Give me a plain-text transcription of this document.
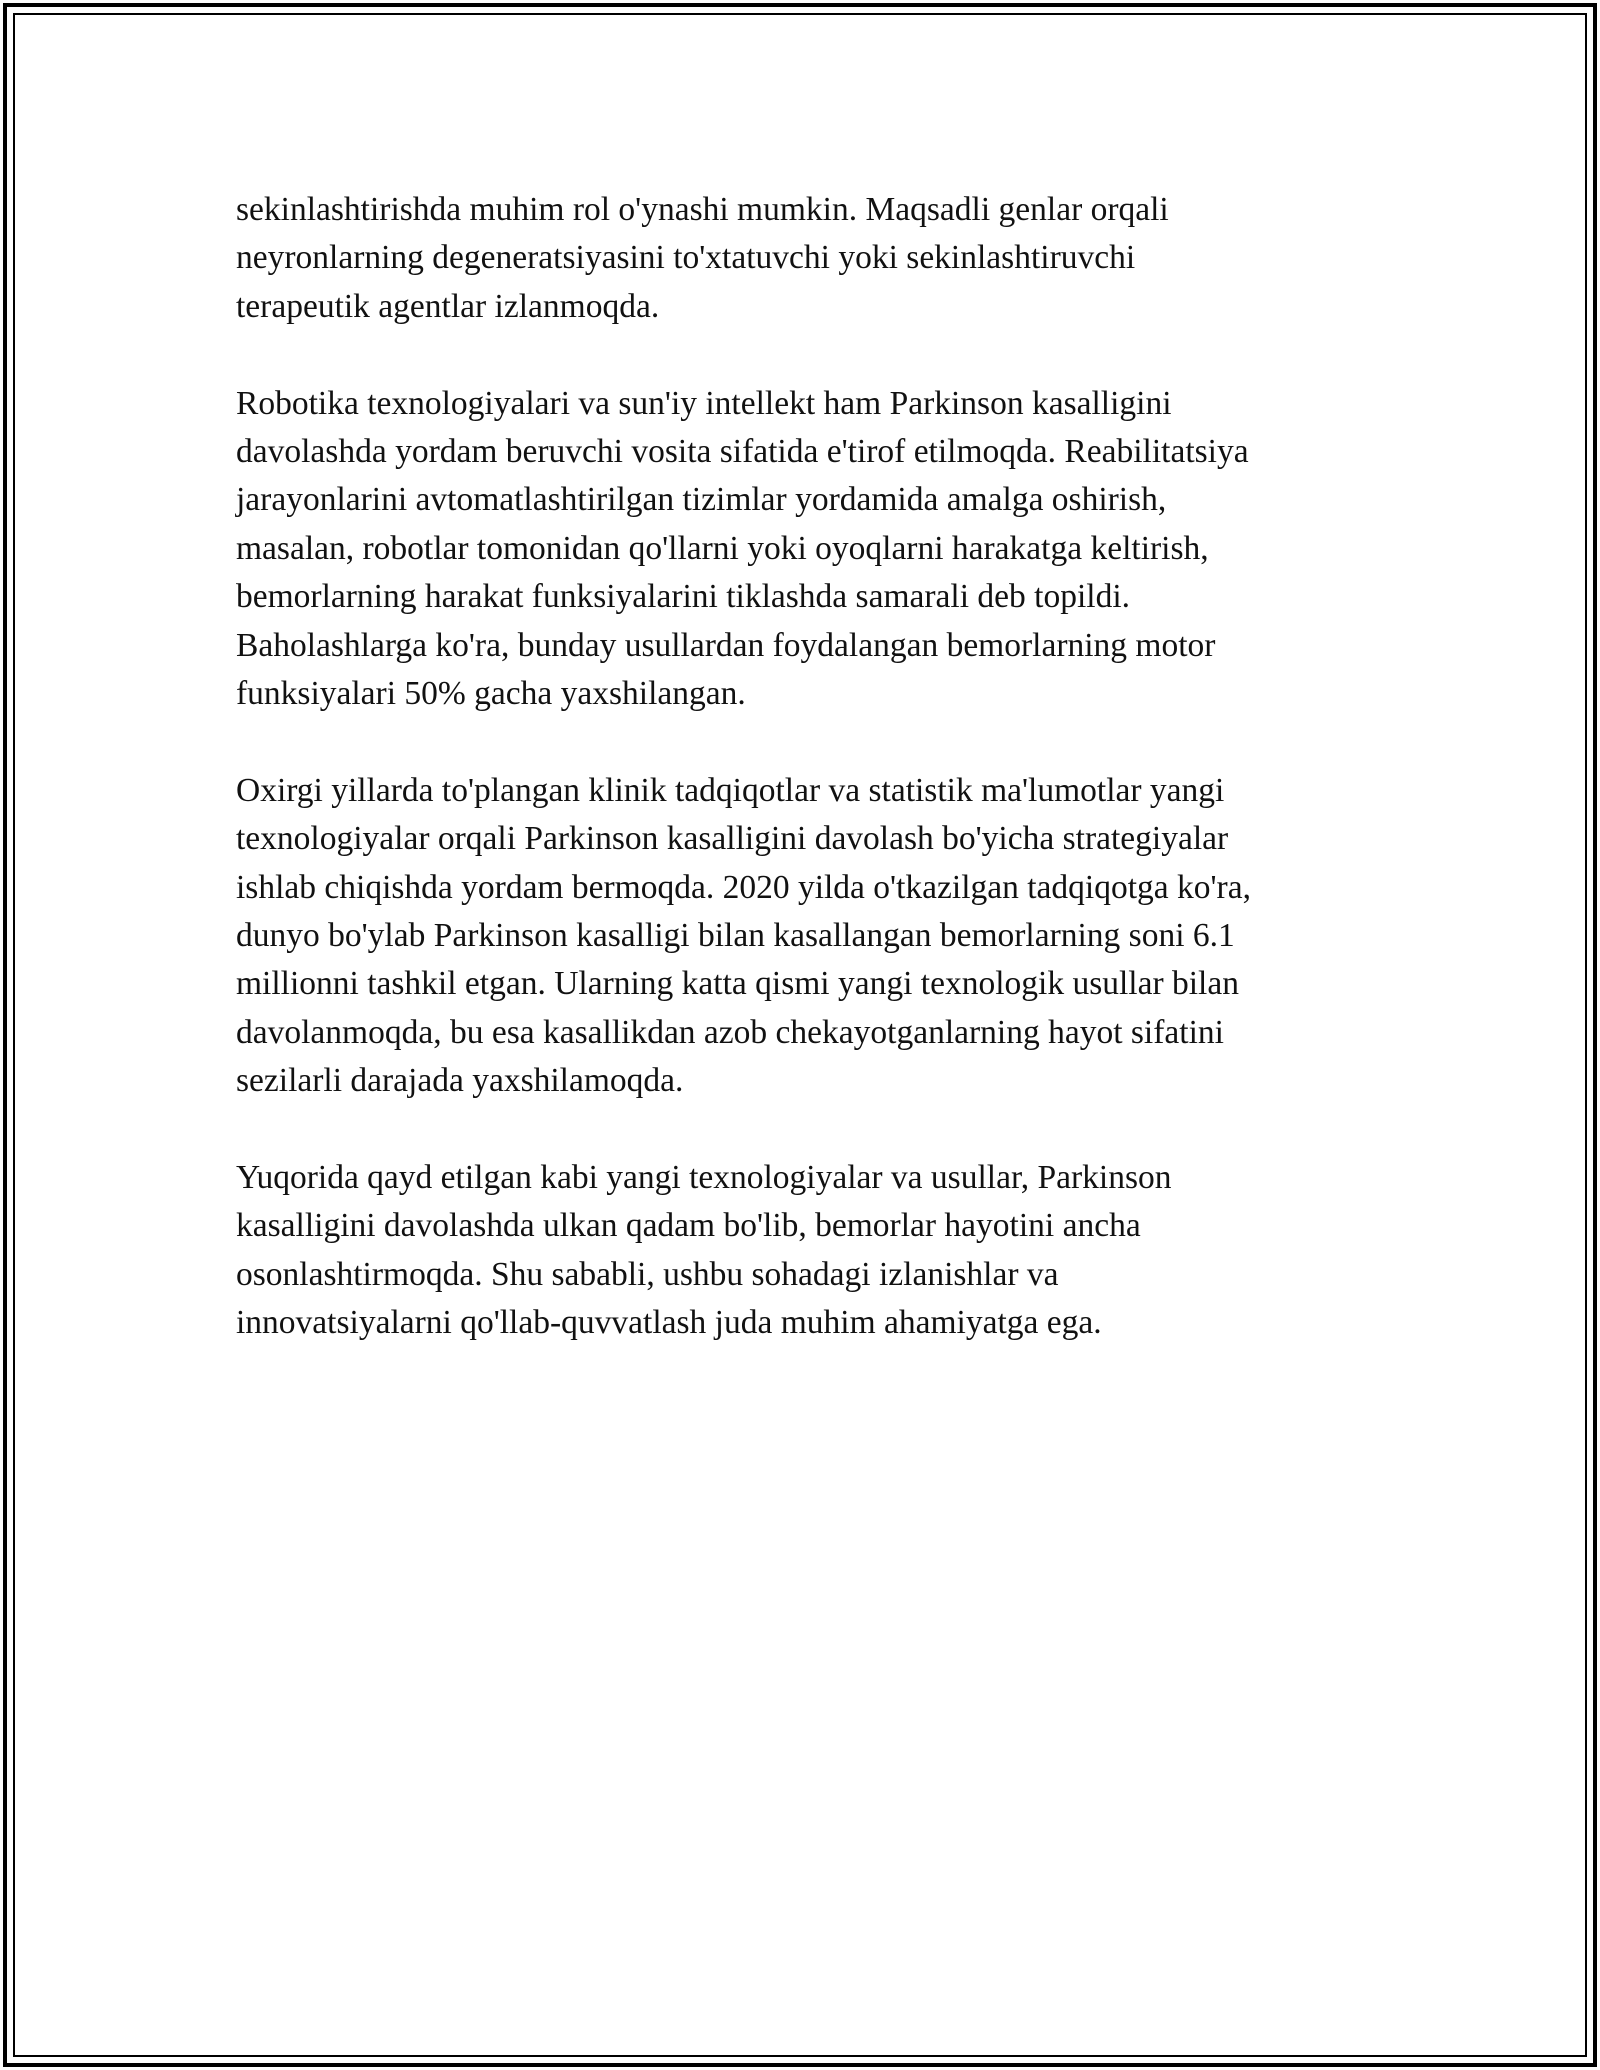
sekinlashtirishda muhim rol o'ynashi mumkin. Maqsadli genlar orqali
neyronlarning degeneratsiyasini to'xtatuvchi yoki sekinlashtiruvchi
terapeutik agentlar izlanmoqda.

Robotika texnologiyalari va sun'iy intellekt ham Parkinson kasalligini
davolashda yordam beruvchi vosita sifatida e'tirof etilmoqda. Reabilitatsiya
jarayonlarini avtomatlashtirilgan tizimlar yordamida amalga oshirish,
masalan, robotlar tomonidan qo'llarni yoki oyoqlarni harakatga keltirish,
bemorlarning harakat funksiyalarini tiklashda samarali deb topildi.
Baholashlarga ko'ra, bunday usullardan foydalangan bemorlarning motor
funksiyalari 50% gacha yaxshilangan.

Oxirgi yillarda to'plangan klinik tadqiqotlar va statistik ma'lumotlar yangi
texnologiyalar orqali Parkinson kasalligini davolash bo'yicha strategiyalar
ishlab chiqishda yordam bermoqda. 2020 yilda o'tkazilgan tadqiqotga ko'ra,
dunyo bo'ylab Parkinson kasalligi bilan kasallangan bemorlarning soni 6.1
millionni tashkil etgan. Ularning katta qismi yangi texnologik usullar bilan
davolanmoqda, bu esa kasallikdan azob chekayotganlarning hayot sifatini
sezilarli darajada yaxshilamoqda.

Yuqorida qayd etilgan kabi yangi texnologiyalar va usullar, Parkinson
kasalligini davolashda ulkan qadam bo'lib, bemorlar hayotini ancha
osonlashtirmoqda. Shu sababli, ushbu sohadagi izlanishlar va
innovatsiyalarni qo'llab-quvvatlash juda muhim ahamiyatga ega.
